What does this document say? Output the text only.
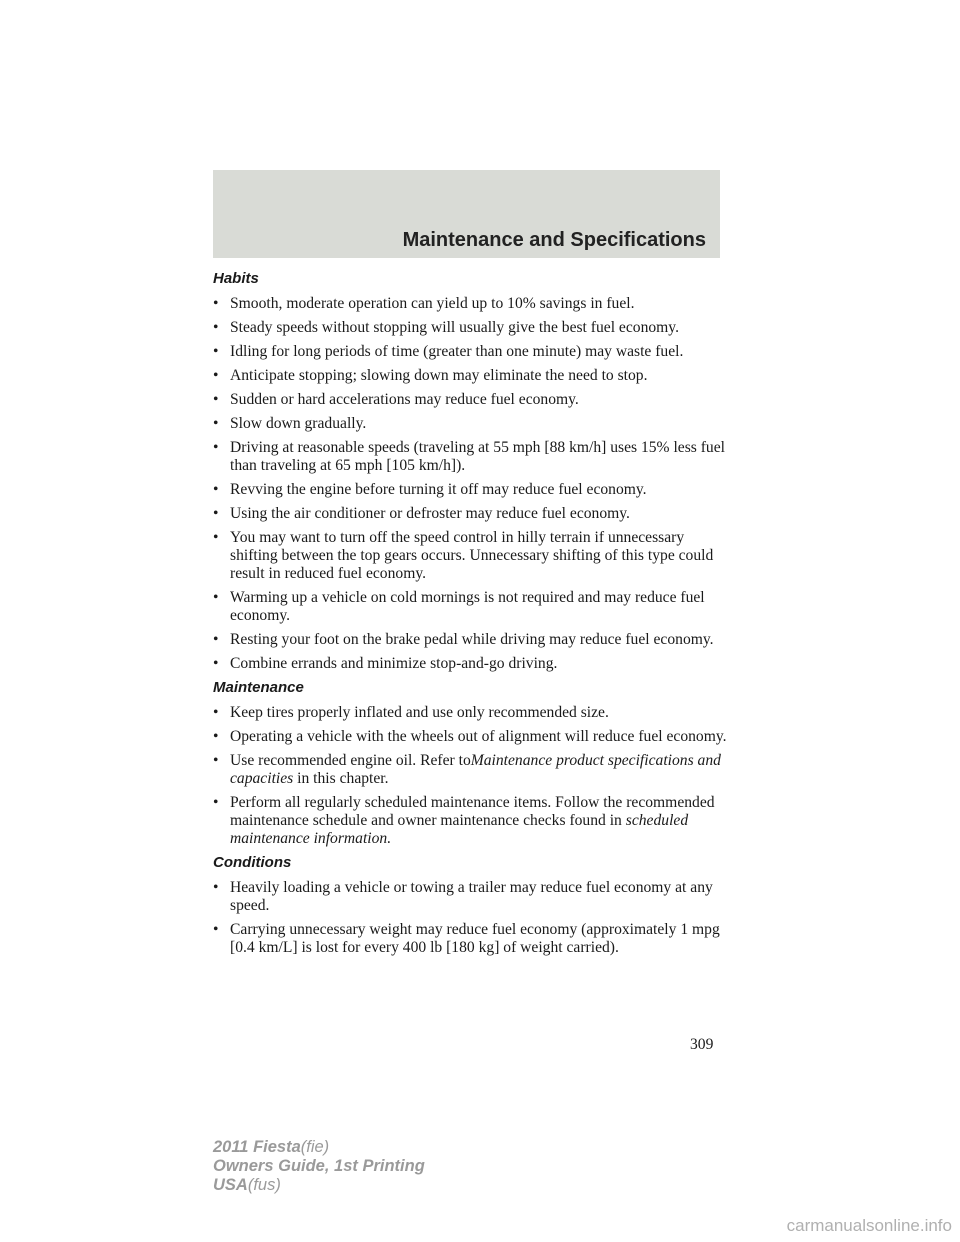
Maintenance and Specifications
Habits
• Smooth, moderate operation can yield up to 10% savings in fuel.
• Steady speeds without stopping will usually give the best fuel economy.
• Idling for long periods of time (greater than one minute) may waste fuel.
• Anticipate stopping; slowing down may eliminate the need to stop.
• Sudden or hard accelerations may reduce fuel economy.
• Slow down gradually.
• Driving at reasonable speeds (traveling at 55 mph [88 km/h] uses 15% less fuel than traveling at 65 mph [105 km/h]).
• Revving the engine before turning it off may reduce fuel economy.
• Using the air conditioner or defroster may reduce fuel economy.
• You may want to turn off the speed control in hilly terrain if unnecessary shifting between the top gears occurs. Unnecessary shifting of this type could result in reduced fuel economy.
• Warming up a vehicle on cold mornings is not required and may reduce fuel economy.
• Resting your foot on the brake pedal while driving may reduce fuel economy.
• Combine errands and minimize stop-and-go driving.
Maintenance
• Keep tires properly inflated and use only recommended size.
• Operating a vehicle with the wheels out of alignment will reduce fuel economy.
• Use recommended engine oil. Refer toMaintenance product specifications and capacities in this chapter.
• Perform all regularly scheduled maintenance items. Follow the recommended maintenance schedule and owner maintenance checks found in scheduled maintenance information.
Conditions
• Heavily loading a vehicle or towing a trailer may reduce fuel economy at any speed.
• Carrying unnecessary weight may reduce fuel economy (approximately 1 mpg [0.4 km/L] is lost for every 400 lb [180 kg] of weight carried).
309
2011 Fiesta(fie)
Owners Guide, 1st Printing
USA(fus)
carmanualsonline.info
